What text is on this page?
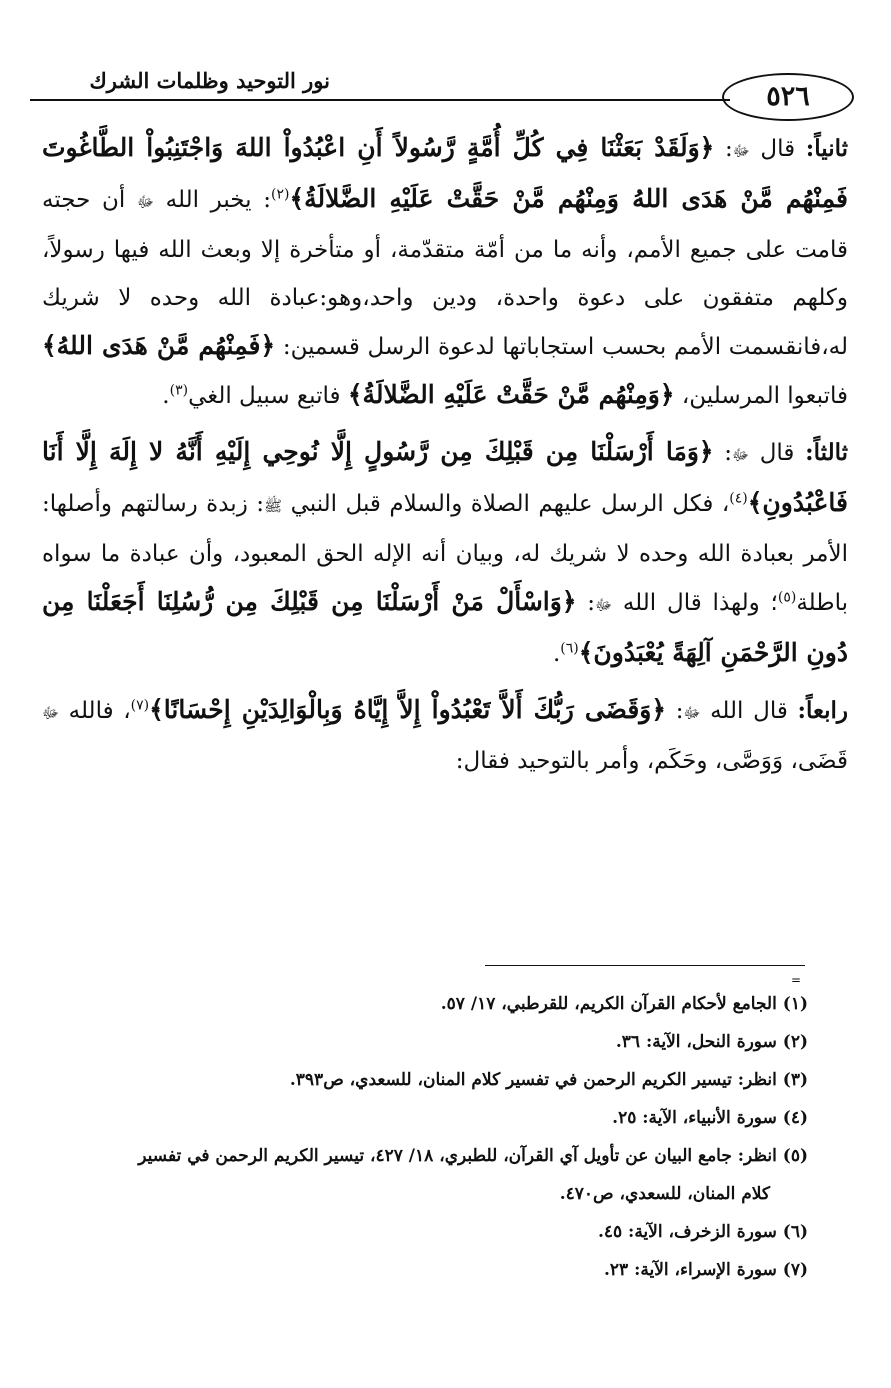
نور التوحيد وظلمات الشرك
٥٢٦

ثانياً: قال ﷻ: ﴿وَلَقَدْ بَعَثْنَا فِي كُلِّ أُمَّةٍ رَّسُولاً أَنِ اعْبُدُواْ اللهَ وَاجْتَنِبُواْ الطَّاغُوتَ فَمِنْهُم مَّنْ هَدَى اللهُ وَمِنْهُم مَّنْ حَقَّتْ عَلَيْهِ الضَّلالَةُ﴾$^{(٢)}$: يخبر الله ﷻ أن حجته قامت على جميع الأمم، وأنه ما من أمّة متقدّمة، أو متأخرة إلا وبعث الله فيها رسولاً، وكلهم متفقون على دعوة واحدة، ودين واحد،وهو:عبادة الله وحده لا شريك له،فانقسمت الأمم بحسب استجاباتها لدعوة الرسل قسمين: ﴿فَمِنْهُم مَّنْ هَدَى اللهُ﴾ فاتبعوا المرسلين، ﴿وَمِنْهُم مَّنْ حَقَّتْ عَلَيْهِ الضَّلالَةُ﴾ فاتبع سبيل الغي$^{(٣)}$.

ثالثاً: قال ﷻ: ﴿وَمَا أَرْسَلْنَا مِن قَبْلِكَ مِن رَّسُولٍ إِلَّا نُوحِي إِلَيْهِ أَنَّهُ لا إِلَهَ إِلَّا أَنَا فَاعْبُدُونِ﴾$^{(٤)}$، فكل الرسل عليهم الصلاة والسلام قبل النبي ﷺ: زبدة رسالتهم وأصلها: الأمر بعبادة الله وحده لا شريك له، وبيان أنه الإله الحق المعبود، وأن عبادة ما سواه باطلة$^{(٥)}$؛ ولهذا قال الله ﷻ: ﴿وَاسْأَلْ مَنْ أَرْسَلْنَا مِن قَبْلِكَ مِن رُّسُلِنَا أَجَعَلْنَا مِن دُونِ الرَّحْمَنِ آلِهَةً يُعْبَدُونَ﴾$^{(٦)}$.

رابعاً: قال الله ﷻ: ﴿وَقَضَى رَبُّكَ أَلاَّ تَعْبُدُواْ إِلاَّ إِيَّاهُ وَبِالْوَالِدَيْنِ إِحْسَانًا﴾$^{(٧)}$، فالله ﷻ قَضَى، وَوَصَّى، وحَكَم، وأمر بالتوحيد فقال:

=

(١) الجامع لأحكام القرآن الكريم، للقرطبي، ١٧/ ٥٧.

(٢) سورة النحل، الآية: ٣٦.

(٣) انظر: تيسير الكريم الرحمن في تفسير كلام المنان، للسعدي، ص٣٩٣.

(٤) سورة الأنبياء، الآية: ٢٥.

(٥) انظر: جامع البيان عن تأويل آي القرآن، للطبري، ١٨/ ٤٢٧، تيسير الكريم الرحمن في تفسير

كلام المنان، للسعدي، ص٤٧٠.

(٦) سورة الزخرف، الآية: ٤٥.

(٧) سورة الإسراء، الآية: ٢٣.
